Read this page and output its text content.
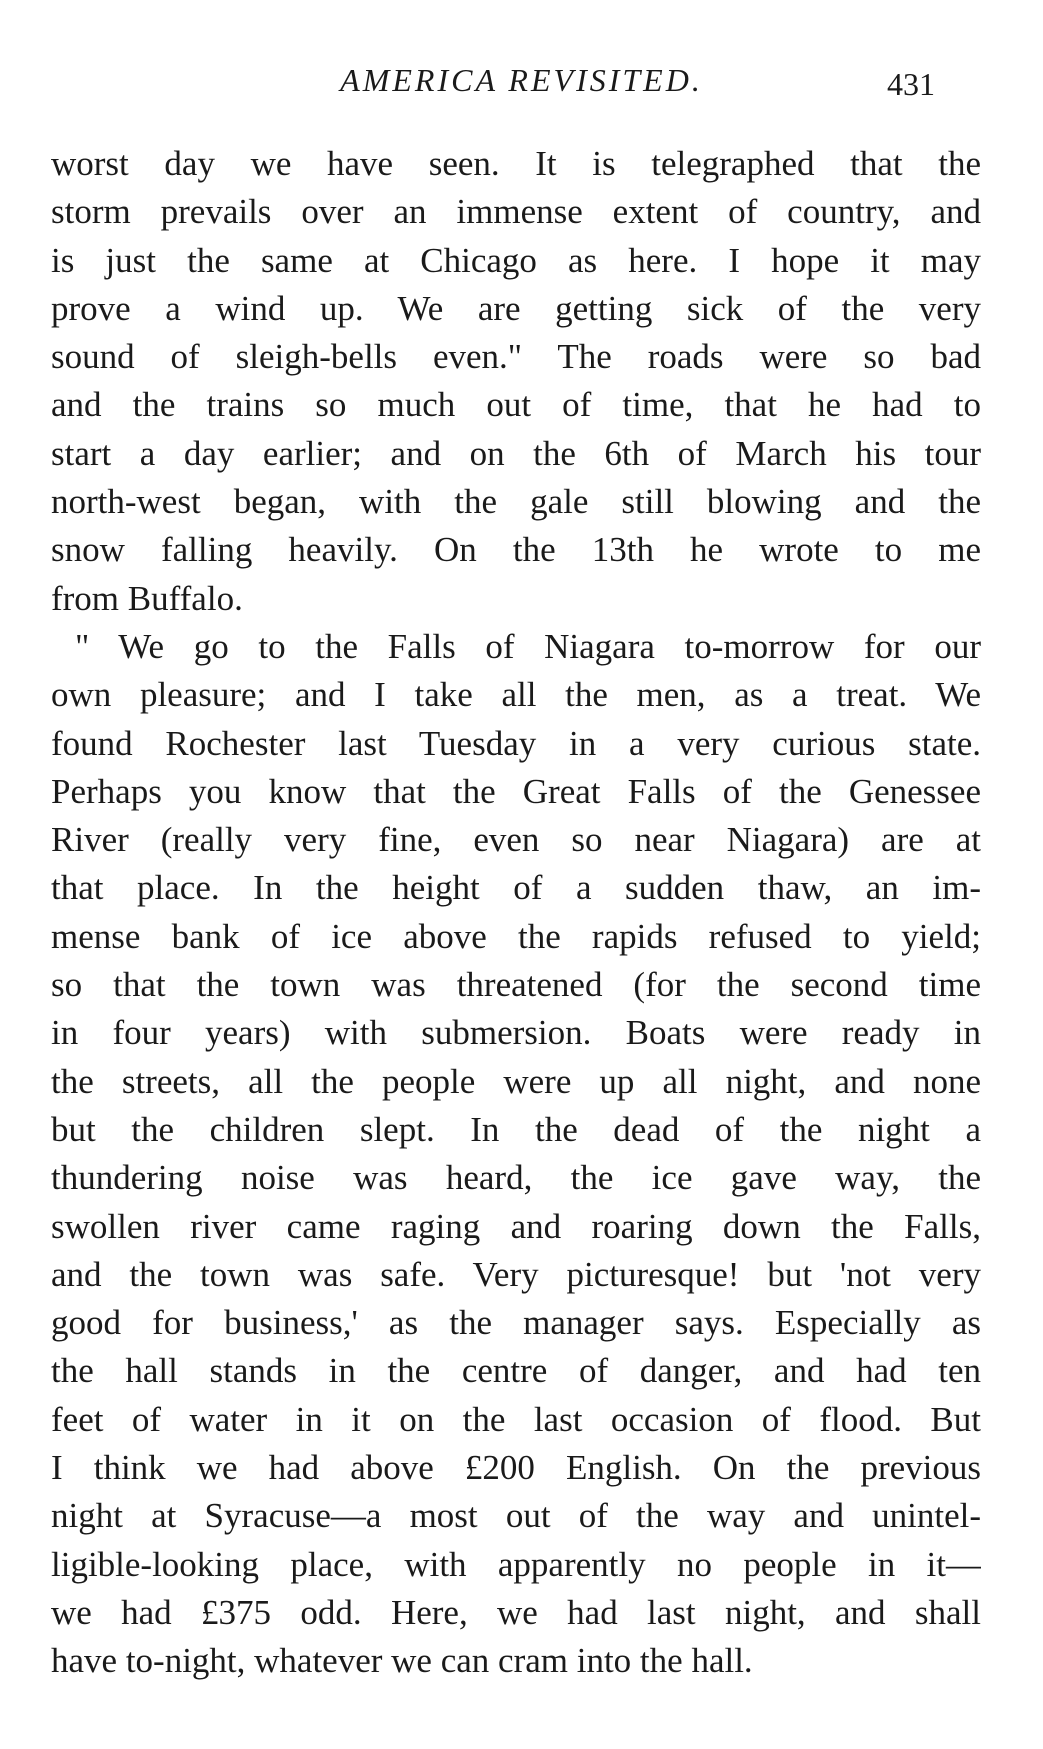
AMERICA REVISITED.	431
worst day we have seen. It is telegraphed that the
storm prevails over an immense extent of country, and
is just the same at Chicago as here. I hope it may
prove a wind up. We are getting sick of the very
sound of sleigh-bells even." The roads were so bad
and the trains so much out of time, that he had to
start a day earlier; and on the 6th of March his tour
north-west began, with the gale still blowing and the
snow falling heavily. On the 13th he wrote to me
from Buffalo.
" We go to the Falls of Niagara to-morrow for our
own pleasure; and I take all the men, as a treat. We
found Rochester last Tuesday in a very curious state.
Perhaps you know that the Great Falls of the Genessee
River (really very fine, even so near Niagara) are at
that place. In the height of a sudden thaw, an im-
mense bank of ice above the rapids refused to yield;
so that the town was threatened (for the second time
in four years) with submersion. Boats were ready in
the streets, all the people were up all night, and none
but the children slept. In the dead of the night a
thundering noise was heard, the ice gave way, the
swollen river came raging and roaring down the Falls,
and the town was safe. Very picturesque! but 'not very
good for business,' as the manager says. Especially as
the hall stands in the centre of danger, and had ten
feet of water in it on the last occasion of flood. But
I think we had above £200 English. On the previous
night at Syracuse—a most out of the way and unintel-
ligible-looking place, with apparently no people in it—
we had £375 odd. Here, we had last night, and shall
have to-night, whatever we can cram into the hall.
